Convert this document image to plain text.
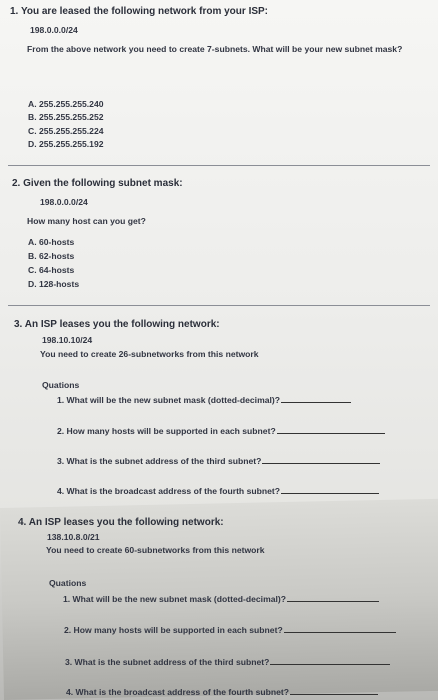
1. You are leased the following network from your ISP:
198.0.0.0/24
From the above network you need to create 7-subnets. What will be your new subnet mask?
A. 255.255.255.240
B. 255.255.255.252
C. 255.255.255.224
D. 255.255.255.192
2. Given the following subnet mask:
198.0.0.0/24
How many host can you get?
A. 60-hosts
B. 62-hosts
C. 64-hosts
D. 128-hosts
3. An ISP leases you the following network:
198.10.10/24
You need to create 26-subnetworks from this network
Quations
1. What will be the new subnet mask (dotted-decimal)?
2. How many hosts will be supported in each subnet?
3. What is the subnet address of the third subnet?
4. What is the broadcast address of the fourth subnet?
4. An ISP leases you the following network:
138.10.8.0/21
You need to create 60-subnetworks from this network
Quations
1. What will be the new subnet mask (dotted-decimal)?
2. How many hosts will be supported in each subnet?
3. What is the subnet address of the third subnet?
4. What is the broadcast address of the fourth subnet?
